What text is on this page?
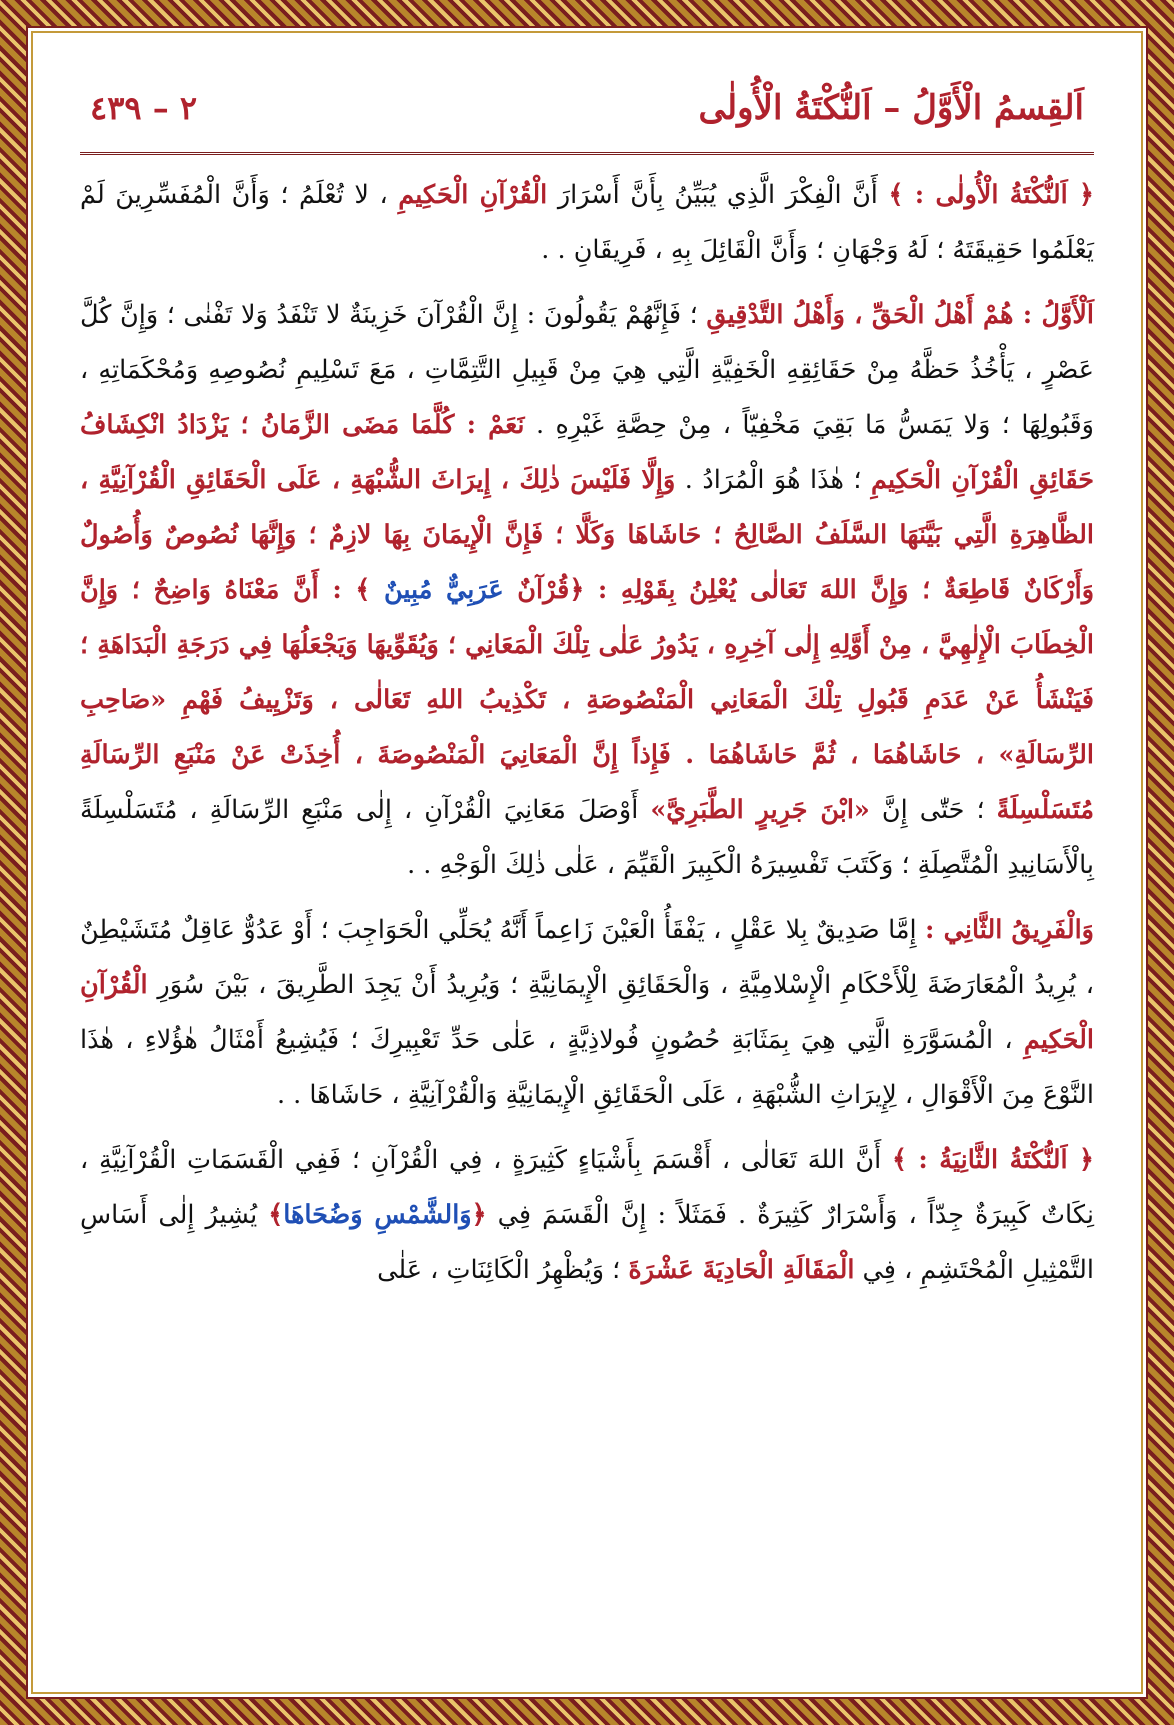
اَلقِسمُ الْأَوَّلُ – اَلنُّكْتَةُ الْأُولٰى
٢ – ٤٣٩

﴿ اَلنُّكْتَةُ الْأُولٰى : ﴾ أَنَّ الْفِكْرَ الَّذِي يُبَيِّنُ بِأَنَّ أَسْرَارَ الْقُرْآنِ الْحَكِيمِ ، لا تُعْلَمُ ؛ وَأَنَّ الْمُفَسِّرِينَ لَمْ يَعْلَمُوا حَقِيقَتَهُ ؛ لَهُ وَجْهَانِ ؛ وَأَنَّ الْقَائِلَ بِهِ ، فَرِيقَانِ . .

اَلْأَوَّلُ : هُمْ أَهْلُ الْحَقِّ ، وَأَهْلُ التَّدْقِيقِ ؛ فَإِنَّهُمْ يَقُولُونَ : إِنَّ الْقُرْآنَ خَزِينَةٌ لا تَنْفَدُ وَلا تَفْنٰى ؛ وَإِنَّ كُلَّ عَصْرٍ ، يَأْخُذُ حَظَّهُ مِنْ حَقَائِقِهِ الْخَفِيَّةِ الَّتِي هِيَ مِنْ قَبِيلِ التَّتِمَّاتِ ، مَعَ تَسْلِيمِ نُصُوصِهِ وَمُحْكَمَاتِهِ ، وَقَبُولِهَا ؛ وَلا يَمَسُّ مَا بَقِيَ مَخْفِيّاً ، مِنْ حِصَّةِ غَيْرِهِ . نَعَمْ : كُلَّمَا مَضَى الزَّمَانُ ؛ يَزْدَادُ انْكِشَافُ حَقَائِقِ الْقُرْآنِ الْحَكِيمِ ؛ هٰذَا هُوَ الْمُرَادُ . وَإِلَّا فَلَيْسَ ذٰلِكَ ، إِيرَاثَ الشُّبْهَةِ ، عَلَى الْحَقَائِقِ الْقُرْآنِيَّةِ ، الظَّاهِرَةِ الَّتِي بَيَّنَهَا السَّلَفُ الصَّالِحُ ؛ حَاشَاهَا وَكَلَّا ؛ فَإِنَّ الْإِيمَانَ بِهَا لازِمٌ ؛ وَإِنَّهَا نُصُوصٌ وَأُصُولٌ وَأَرْكَانٌ قَاطِعَةٌ ؛ وَإِنَّ اللهَ تَعَالٰى يُعْلِنُ بِقَوْلِهِ : ﴿قُرْآنٌ عَرَبِيٌّ مُبِينٌ ﴾ : أَنَّ مَعْنَاهُ وَاضِحٌ ؛ وَإِنَّ الْخِطَابَ الْإِلٰهِيَّ ، مِنْ أَوَّلِهِ إِلٰى آخِرِهِ ، يَدُورُ عَلٰى تِلْكَ الْمَعَانِي ؛ وَيُقَوِّيهَا وَيَجْعَلُهَا فِي دَرَجَةِ الْبَدَاهَةِ ؛ فَيَنْشَأُ عَنْ عَدَمِ قَبُولِ تِلْكَ الْمَعَانِي الْمَنْصُوصَةِ ، تَكْذِيبُ اللهِ تَعَالٰى ، وَتَزْيِيفُ فَهْمِ «صَاحِبِ الرِّسَالَةِ» ، حَاشَاهُمَا ، ثُمَّ حَاشَاهُمَا . فَإِذاً إِنَّ الْمَعَانِيَ الْمَنْصُوصَةَ ، أُخِذَتْ عَنْ مَنْبَعِ الرِّسَالَةِ مُتَسَلْسِلَةً ؛ حَتّٰى إِنَّ «ابْنَ جَرِيرٍ الطَّبَرِيَّ» أَوْصَلَ مَعَانِيَ الْقُرْآنِ ، إِلٰى مَنْبَعِ الرِّسَالَةِ ، مُتَسَلْسِلَةً بِالْأَسَانِيدِ الْمُتَّصِلَةِ ؛ وَكَتَبَ تَفْسِيرَهُ الْكَبِيرَ الْقَيِّمَ ، عَلٰى ذٰلِكَ الْوَجْهِ . .

وَالْفَرِيقُ الثَّانِي : إِمَّا صَدِيقٌ بِلا عَقْلٍ ، يَفْقَأُ الْعَيْنَ زَاعِماً أَنَّهُ يُحَلِّي الْحَوَاجِبَ ؛ أَوْ عَدُوٌّ عَاقِلٌ مُتَشَيْطِنٌ ، يُرِيدُ الْمُعَارَضَةَ لِلْأَحْكَامِ الْإِسْلامِيَّةِ ، وَالْحَقَائِقِ الْإِيمَانِيَّةِ ؛ وَيُرِيدُ أَنْ يَجِدَ الطَّرِيقَ ، بَيْنَ سُوَرِ الْقُرْآنِ الْحَكِيمِ ، الْمُسَوَّرَةِ الَّتِي هِيَ بِمَثَابَةِ حُصُونٍ فُولاذِيَّةٍ ، عَلٰى حَدِّ تَعْبِيرِكَ ؛ فَيُشِيعُ أَمْثَالُ هٰؤُلاءِ ، هٰذَا النَّوْعَ مِنَ الْأَقْوَالِ ، لِإِيرَاثِ الشُّبْهَةِ ، عَلَى الْحَقَائِقِ الْإِيمَانِيَّةِ وَالْقُرْآنِيَّةِ ، حَاشَاهَا . .

﴿ اَلنُّكْتَةُ الثَّانِيَةُ : ﴾ أَنَّ اللهَ تَعَالٰى ، أَقْسَمَ بِأَشْيَاءٍ كَثِيرَةٍ ، فِي الْقُرْآنِ ؛ فَفِي الْقَسَمَاتِ الْقُرْآنِيَّةِ ، نِكَاتٌ كَبِيرَةٌ جِدّاً ، وَأَسْرَارٌ كَثِيرَةٌ . فَمَثَلاً : إِنَّ الْقَسَمَ فِي ﴿وَالشَّمْسِ وَضُحَاهَا﴾ يُشِيرُ إِلٰى أَسَاسِ التَّمْثِيلِ الْمُحْتَشِمِ ، فِي الْمَقَالَةِ الْحَادِيَةَ عَشْرَةَ ؛ وَيُظْهِرُ الْكَائِنَاتِ ، عَلٰى
